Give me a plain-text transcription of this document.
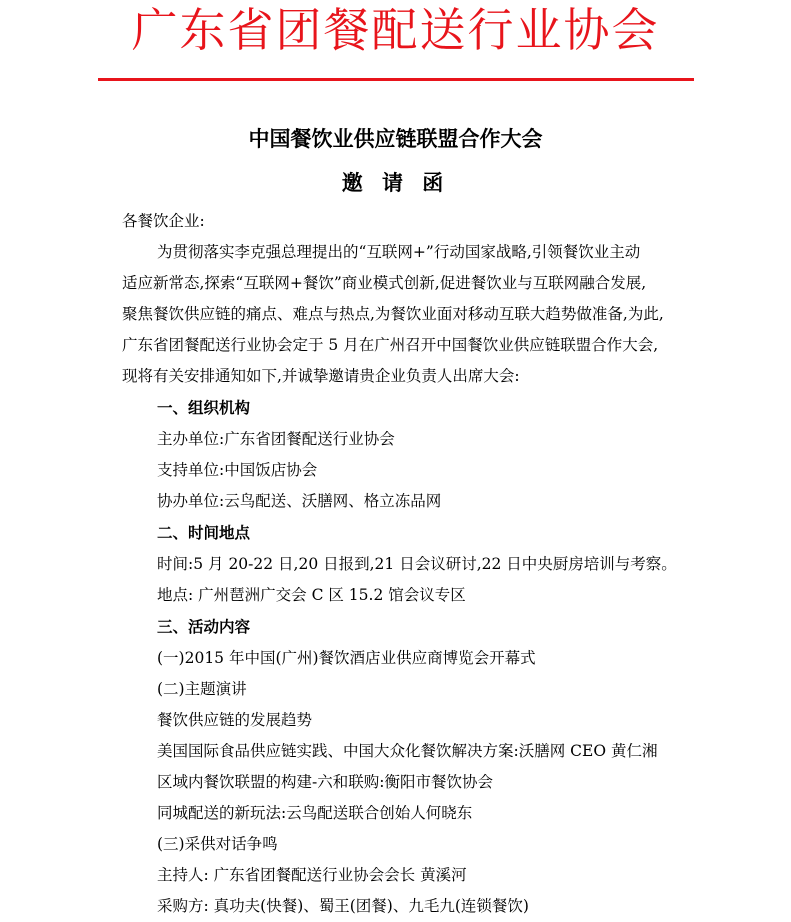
广东省团餐配送行业协会
中国餐饮业供应链联盟合作大会
邀 请 函
各餐饮企业:
为贯彻落实李克强总理提出的“互联网+”行动国家战略,引领餐饮业主动
适应新常态,探索“互联网+餐饮”商业模式创新,促进餐饮业与互联网融合发展,
聚焦餐饮供应链的痛点、难点与热点,为餐饮业面对移动互联大趋势做准备,为此,
广东省团餐配送行业协会定于 5 月在广州召开中国餐饮业供应链联盟合作大会,
现将有关安排通知如下,并诚挚邀请贵企业负责人出席大会:
一、组织机构
主办单位:广东省团餐配送行业协会
支持单位:中国饭店协会
协办单位:云鸟配送、沃膳网、格立冻品网
二、时间地点
时间:5 月 20-22 日,20 日报到,21 日会议研讨,22 日中央厨房培训与考察。
地点: 广州琶洲广交会 C 区 15.2 馆会议专区
三、活动内容
(一)2015 年中国(广州)餐饮酒店业供应商博览会开幕式
(二)主题演讲
餐饮供应链的发展趋势
美国国际食品供应链实践、中国大众化餐饮解决方案:沃膳网 CEO 黄仁湘
区域内餐饮联盟的构建-六和联购:衡阳市餐饮协会
同城配送的新玩法:云鸟配送联合创始人何晓东
(三)采供对话争鸣
主持人: 广东省团餐配送行业协会会长 黄溪河
采购方: 真功夫(快餐)、蜀王(团餐)、九毛九(连锁餐饮)
